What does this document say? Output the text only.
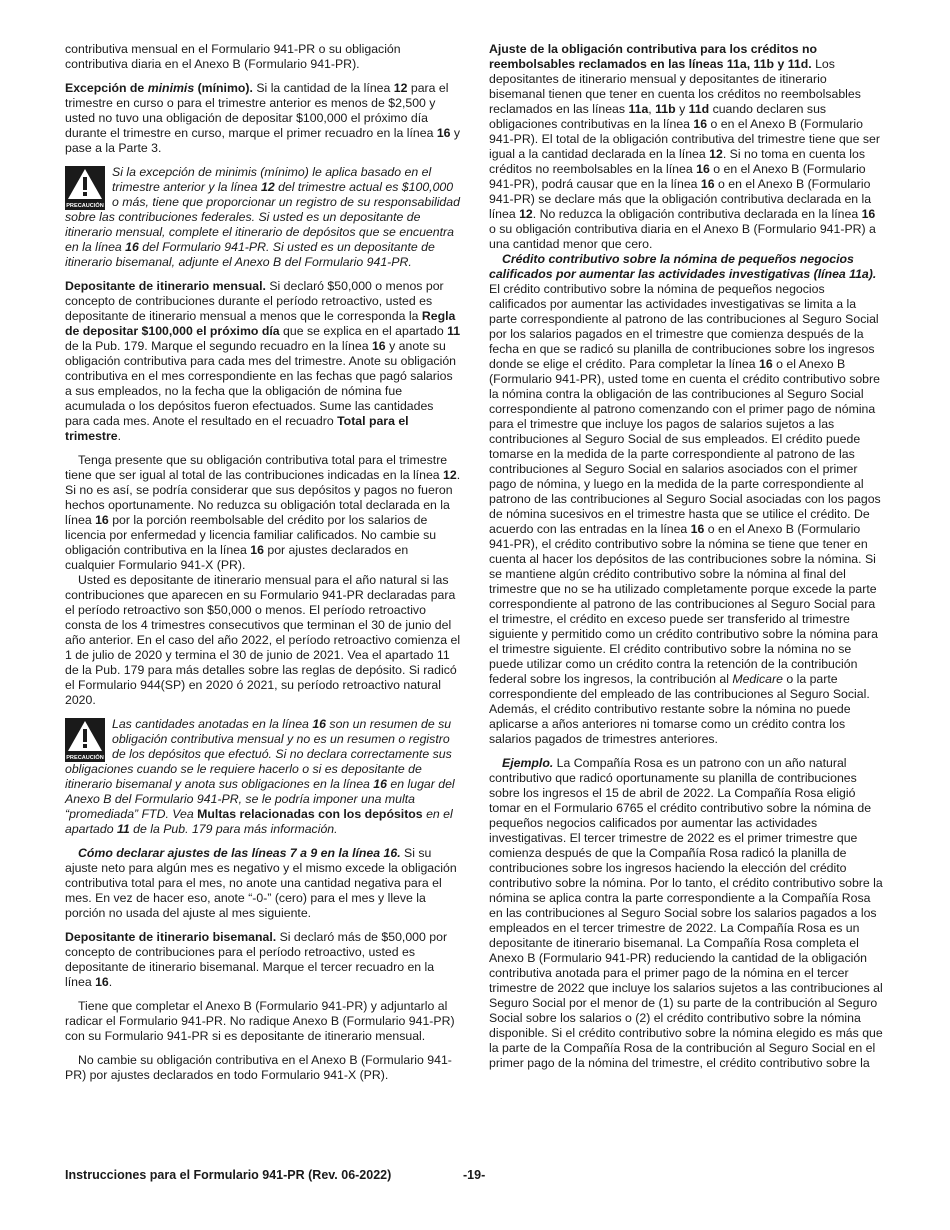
contributiva mensual en el Formulario 941-PR o su obligación contributiva diaria en el Anexo B (Formulario 941-PR).

Excepción de minimis (mínimo). Si la cantidad de la línea 12 para el trimestre en curso o para el trimestre anterior es menos de $2,500 y usted no tuvo una obligación de depositar $100,000 el próximo día durante el trimestre en curso, marque el primer recuadro en la línea 16 y pase a la Parte 3.

PRECAUCIÓN
Si la excepción de minimis (mínimo) le aplica basado en el trimestre anterior y la línea 12 del trimestre actual es $100,000 o más, tiene que proporcionar un registro de su responsabilidad sobre las contribuciones federales. Si usted es un depositante de itinerario mensual, complete el itinerario de depósitos que se encuentra en la línea 16 del Formulario 941-PR. Si usted es un depositante de itinerario bisemanal, adjunte el Anexo B del Formulario 941-PR.

Depositante de itinerario mensual. Si declaró $50,000 o menos por concepto de contribuciones durante el período retroactivo, usted es depositante de itinerario mensual a menos que le corresponda la Regla de depositar $100,000 el próximo día que se explica en el apartado 11 de la Pub. 179. Marque el segundo recuadro en la línea 16 y anote su obligación contributiva para cada mes del trimestre. Anote su obligación contributiva en el mes correspondiente en las fechas que pagó salarios a sus empleados, no la fecha que la obligación de nómina fue acumulada o los depósitos fueron efectuados. Sume las cantidades para cada mes. Anote el resultado en el recuadro Total para el trimestre.

Tenga presente que su obligación contributiva total para el trimestre tiene que ser igual al total de las contribuciones indicadas en la línea 12. Si no es así, se podría considerar que sus depósitos y pagos no fueron hechos oportunamente. No reduzca su obligación total declarada en la línea 16 por la porción reembolsable del crédito por los salarios de licencia por enfermedad y licencia familiar calificados. No cambie su obligación contributiva en la línea 16 por ajustes declarados en cualquier Formulario 941-X (PR).

Usted es depositante de itinerario mensual para el año natural si las contribuciones que aparecen en su Formulario 941-PR declaradas para el período retroactivo son $50,000 o menos. El período retroactivo consta de los 4 trimestres consecutivos que terminan el 30 de junio del año anterior. En el caso del año 2022, el período retroactivo comienza el 1 de julio de 2020 y termina el 30 de junio de 2021. Vea el apartado 11 de la Pub. 179 para más detalles sobre las reglas de depósito. Si radicó el Formulario 944(SP) en 2020 ó 2021, su período retroactivo natural 2020.

PRECAUCIÓN
Las cantidades anotadas en la línea 16 son un resumen de su obligación contributiva mensual y no es un resumen o registro de los depósitos que efectuó. Si no declara correctamente sus obligaciones cuando se le requiere hacerlo o si es depositante de itinerario bisemanal y anota sus obligaciones en la línea 16 en lugar del Anexo B del Formulario 941-PR, se le podría imponer una multa “promediada” FTD. Vea Multas relacionadas con los depósitos en el apartado 11 de la Pub. 179 para más información.

Cómo declarar ajustes de las líneas 7 a 9 en la línea 16. Si su ajuste neto para algún mes es negativo y el mismo excede la obligación contributiva total para el mes, no anote una cantidad negativa para el mes. En vez de hacer eso, anote “-0-” (cero) para el mes y lleve la porción no usada del ajuste al mes siguiente.

Depositante de itinerario bisemanal. Si declaró más de $50,000 por concepto de contribuciones para el período retroactivo, usted es depositante de itinerario bisemanal. Marque el tercer recuadro en la línea 16.

Tiene que completar el Anexo B (Formulario 941-PR) y adjuntarlo al radicar el Formulario 941-PR. No radique Anexo B (Formulario 941-PR) con su Formulario 941-PR si es depositante de itinerario mensual.

No cambie su obligación contributiva en el Anexo B (Formulario 941-PR) por ajustes declarados en todo Formulario 941-X (PR).

Ajuste de la obligación contributiva para los créditos no reembolsables reclamados en las líneas 11a, 11b y 11d. Los depositantes de itinerario mensual y depositantes de itinerario bisemanal tienen que tener en cuenta los créditos no reembolsables reclamados en las líneas 11a, 11b y 11d cuando declaren sus obligaciones contributivas en la línea 16 o en el Anexo B (Formulario 941-PR). El total de la obligación contributiva del trimestre tiene que ser igual a la cantidad declarada en la línea 12. Si no toma en cuenta los créditos no reembolsables en la línea 16 o en el Anexo B (Formulario 941-PR), podrá causar que en la línea 16 o en el Anexo B (Formulario 941-PR) se declare más que la obligación contributiva declarada en la línea 12. No reduzca la obligación contributiva declarada en la línea 16 o su obligación contributiva diaria en el Anexo B (Formulario 941-PR) a una cantidad menor que cero.

Crédito contributivo sobre la nómina de pequeños negocios calificados por aumentar las actividades investigativas (línea 11a). El crédito contributivo sobre la nómina de pequeños negocios calificados por aumentar las actividades investigativas se limita a la parte correspondiente al patrono de las contribuciones al Seguro Social por los salarios pagados en el trimestre que comienza después de la fecha en que se radicó su planilla de contribuciones sobre los ingresos donde se elige el crédito. Para completar la línea 16 o el Anexo B (Formulario 941-PR), usted tome en cuenta el crédito contributivo sobre la nómina contra la obligación de las contribuciones al Seguro Social correspondiente al patrono comenzando con el primer pago de nómina para el trimestre que incluye los pagos de salarios sujetos a las contribuciones al Seguro Social de sus empleados. El crédito puede tomarse en la medida de la parte correspondiente al patrono de las contribuciones al Seguro Social en salarios asociados con el primer pago de nómina, y luego en la medida de la parte correspondiente al patrono de las contribuciones al Seguro Social asociadas con los pagos de nómina sucesivos en el trimestre hasta que se utilice el crédito. De acuerdo con las entradas en la línea 16 o en el Anexo B (Formulario 941-PR), el crédito contributivo sobre la nómina se tiene que tener en cuenta al hacer los depósitos de las contribuciones sobre la nómina. Si se mantiene algún crédito contributivo sobre la nómina al final del trimestre que no se ha utilizado completamente porque excede la parte correspondiente al patrono de las contribuciones al Seguro Social para el trimestre, el crédito en exceso puede ser transferido al trimestre siguiente y permitido como un crédito contributivo sobre la nómina para el trimestre siguiente. El crédito contributivo sobre la nómina no se puede utilizar como un crédito contra la retención de la contribución federal sobre los ingresos, la contribución al Medicare o la parte correspondiente del empleado de las contribuciones al Seguro Social. Además, el crédito contributivo restante sobre la nómina no puede aplicarse a años anteriores ni tomarse como un crédito contra los salarios pagados de trimestres anteriores.

Ejemplo. La Compañía Rosa es un patrono con un año natural contributivo que radicó oportunamente su planilla de contribuciones sobre los ingresos el 15 de abril de 2022. La Compañía Rosa eligió tomar en el Formulario 6765 el crédito contributivo sobre la nómina de pequeños negocios calificados por aumentar las actividades investigativas. El tercer trimestre de 2022 es el primer trimestre que comienza después de que la Compañía Rosa radicó la planilla de contribuciones sobre los ingresos haciendo la elección del crédito contributivo sobre la nómina. Por lo tanto, el crédito contributivo sobre la nómina se aplica contra la parte correspondiente a la Compañía Rosa en las contribuciones al Seguro Social sobre los salarios pagados a los empleados en el tercer trimestre de 2022. La Compañía Rosa es un depositante de itinerario bisemanal. La Compañía Rosa completa el Anexo B (Formulario 941-PR) reduciendo la cantidad de la obligación contributiva anotada para el primer pago de la nómina en el tercer trimestre de 2022 que incluye los salarios sujetos a las contribuciones al Seguro Social por el menor de (1) su parte de la contribución al Seguro Social sobre los salarios o (2) el crédito contributivo sobre la nómina disponible. Si el crédito contributivo sobre la nómina elegido es más que la parte de la Compañía Rosa de la contribución al Seguro Social en el primer pago de la nómina del trimestre, el crédito contributivo sobre la

Instrucciones para el Formulario 941-PR (Rev. 06-2022)	-19-
